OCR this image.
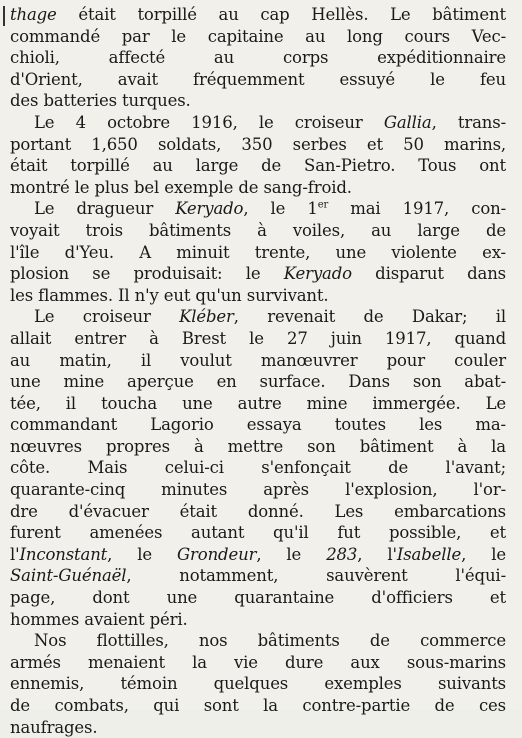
thage était torpillé au cap Hellès. Le bâtiment
commandé par le capitaine au long cours Vec-
chioli, affecté au corps expéditionnaire
d'Orient, avait fréquemment essuyé le feu
des batteries turques.
Le 4 octobre 1916, le croiseur Gallia, trans-
portant 1,650 soldats, 350 serbes et 50 marins,
était torpillé au large de San-Pietro. Tous ont
montré le plus bel exemple de sang-froid.
Le dragueur Keryado, le 1er mai 1917, con-
voyait trois bâtiments à voiles, au large de
l'île d'Yeu. A minuit trente, une violente ex-
plosion se produisait: le Keryado disparut dans
les flammes. Il n'y eut qu'un survivant.
Le croiseur Kléber, revenait de Dakar; il
allait entrer à Brest le 27 juin 1917, quand
au matin, il voulut manœuvrer pour couler
une mine aperçue en surface. Dans son abat-
tée, il toucha une autre mine immergée. Le
commandant Lagorio essaya toutes les ma-
nœuvres propres à mettre son bâtiment à la
côte. Mais celui-ci s'enfonçait de l'avant;
quarante-cinq minutes après l'explosion, l'or-
dre d'évacuer était donné. Les embarcations
furent amenées autant qu'il fut possible, et
l'Inconstant, le Grondeur, le 283, l'Isabelle, le
Saint-Guénaël, notamment, sauvèrent l'équi-
page, dont une quarantaine d'officiers et
hommes avaient péri.
Nos flottilles, nos bâtiments de commerce
armés menaient la vie dure aux sous-marins
ennemis, témoin quelques exemples suivants
de combats, qui sont la contre-partie de ces
naufrages.
